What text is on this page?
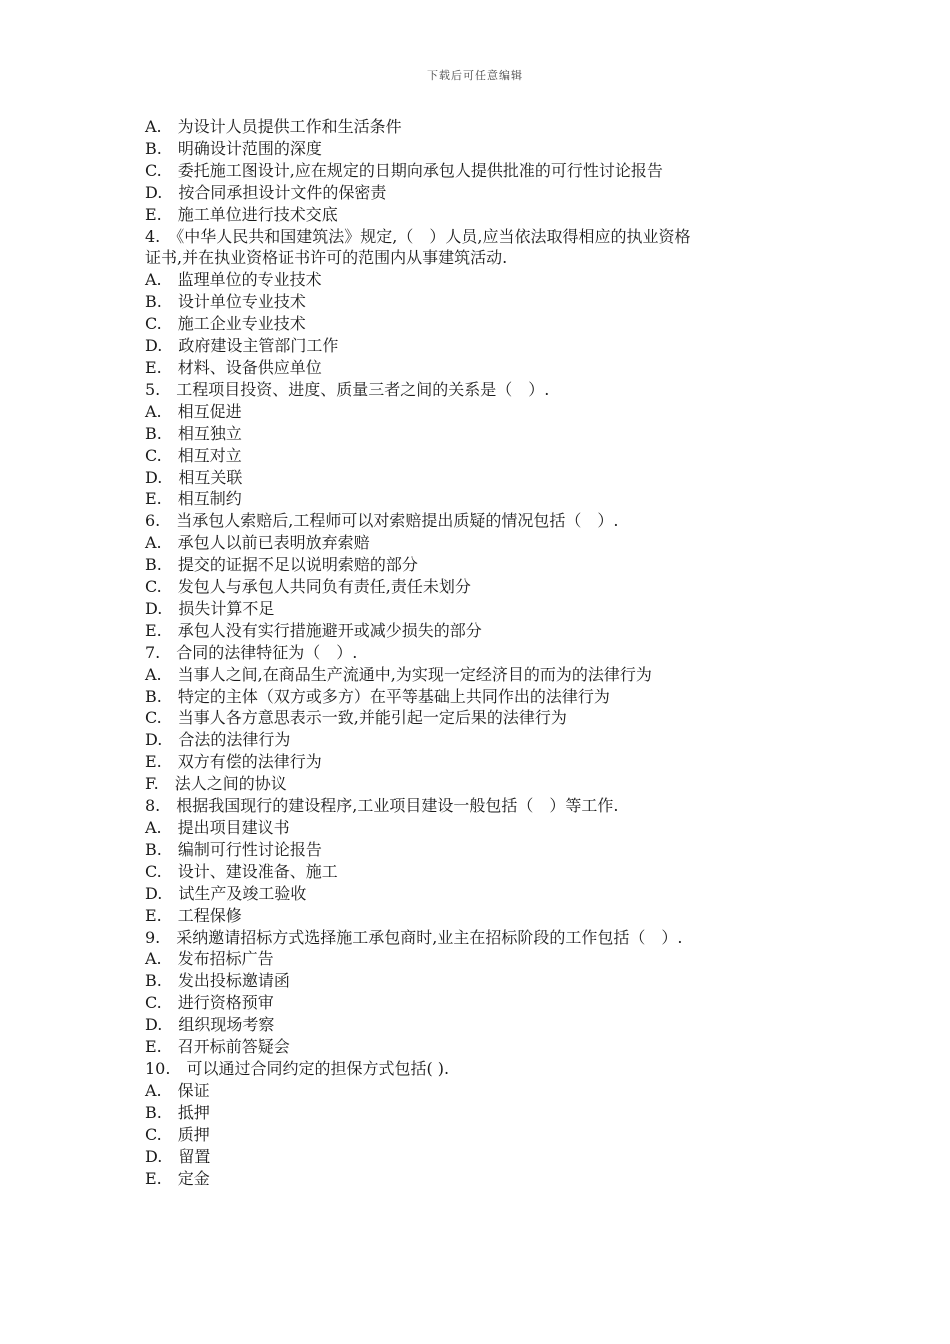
下载后可任意编辑
A.　为设计人员提供工作和生活条件
B.　明确设计范围的深度
C.　委托施工图设计,应在规定的日期向承包人提供批准的可行性讨论报告
D.　按合同承担设计文件的保密责
E.　施工单位进行技术交底
4.　《中华人民共和国建筑法》规定,（　）人员,应当依法取得相应的执业资格
证书,并在执业资格证书许可的范围内从事建筑活动.
A.　监理单位的专业技术
B.　设计单位专业技术
C.　施工企业专业技术
D.　政府建设主管部门工作
E.　材料、设备供应单位
5.　工程项目投资、进度、质量三者之间的关系是（　）.
A.　相互促进
B.　相互独立
C.　相互对立
D.　相互关联
E.　相互制约
6.　当承包人索赔后,工程师可以对索赔提出质疑的情况包括（　）.
A.　承包人以前已表明放弃索赔
B.　提交的证据不足以说明索赔的部分
C.　发包人与承包人共同负有责任,责任未划分
D.　损失计算不足
E.　承包人没有实行措施避开或减少损失的部分
7.　合同的法律特征为（　）.
A.　当事人之间,在商品生产流通中,为实现一定经济目的而为的法律行为
B.　特定的主体（双方或多方）在平等基础上共同作出的法律行为
C.　当事人各方意思表示一致,并能引起一定后果的法律行为
D.　合法的法律行为
E.　双方有偿的法律行为
F.　法人之间的协议
8.　根据我国现行的建设程序,工业项目建设一般包括（　）等工作.
A.　提出项目建议书
B.　编制可行性讨论报告
C.　设计、建设准备、施工
D.　试生产及竣工验收
E.　工程保修
9.　采纳邀请招标方式选择施工承包商时,业主在招标阶段的工作包括（　）.
A.　发布招标广告
B.　发出投标邀请函
C.　进行资格预审
D.　组织现场考察
E.　召开标前答疑会
10.　可以通过合同约定的担保方式包括( ).
A.　保证
B.　抵押
C.　质押
D.　留置
E.　定金
